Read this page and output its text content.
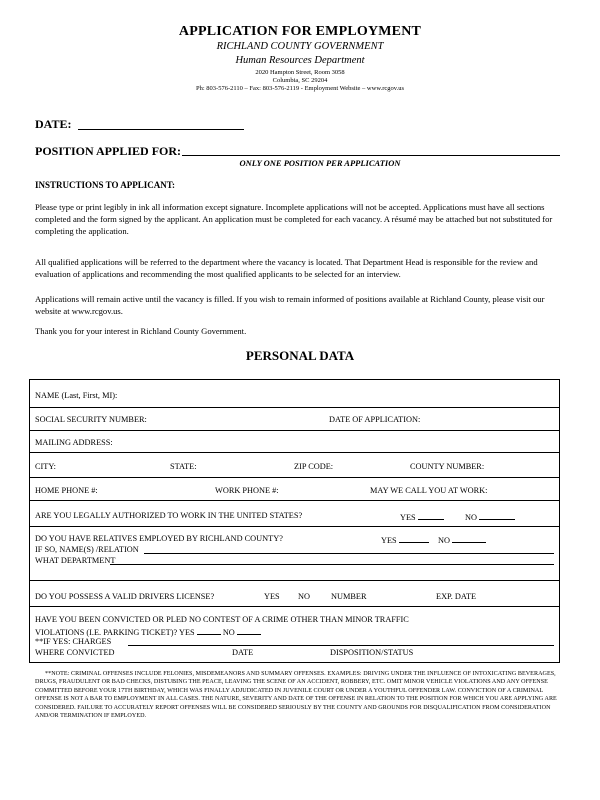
APPLICATION FOR EMPLOYMENT
RICHLAND COUNTY GOVERNMENT
Human Resources Department
2020 Hampton Street, Room 3058
Columbia, SC 29204
Ph: 803-576-2110 – Fax: 803-576-2119 - Employment Website – www.rcgov.us
DATE:
POSITION APPLIED FOR:
ONLY ONE POSITION PER APPLICATION
INSTRUCTIONS TO APPLICANT:
Please type or print legibly in ink all information except signature. Incomplete applications will not be accepted. Applications must have all sections completed and the form signed by the applicant. An application must be completed for each vacancy. A résumé may be attached but not substituted for completing the application.
All qualified applications will be referred to the department where the vacancy is located. That Department Head is responsible for the review and evaluation of applications and recommending the most qualified applicants to be selected for an interview.
Applications will remain active until the vacancy is filled. If you wish to remain informed of positions available at Richland County, please visit our website at www.rcgov.us.
Thank you for your interest in Richland County Government.
PERSONAL DATA
NAME (Last, First, MI):
SOCIAL SECURITY NUMBER:	DATE OF APPLICATION:
MAILING ADDRESS:
CITY:	STATE:	ZIP CODE:	COUNTY NUMBER:
HOME PHONE #:	WORK PHONE #:	MAY WE CALL YOU AT WORK:
ARE YOU LEGALLY AUTHORIZED TO WORK IN THE UNITED STATES?	YES	NO
DO YOU HAVE RELATIVES EMPLOYED BY RICHLAND COUNTY?	YES	NO
IF SO, NAME(S) /RELATION
WHAT DEPARTMENT
DO YOU POSSESS A VALID DRIVERS LICENSE?	YES NO	NUMBER	EXP. DATE
HAVE YOU BEEN CONVICTED OR PLED NO CONTEST OF A CRIME OTHER THAN MINOR TRAFFIC
VIOLATIONS (I.E. PARKING TICKET)? YES	NO
**IF YES: CHARGES
WHERE CONVICTED	DATE	DISPOSITION/STATUS
**NOTE: CRIMINAL OFFENSES INCLUDE FELONIES, MISDEMEANORS AND SUMMARY OFFENSES. EXAMPLES: DRIVING UNDER THE INFLUENCE OF INTOXICATING BEVERAGES, DRUGS, FRAUDULENT OR BAD CHECKS, DISTUBING THE PEACE, LEAVING THE SCENE OF AN ACCIDENT, ROBBERY, ETC. OMIT MINOR VEHICLE VIOLATIONS AND ANY OFFENSE COMMITTED BEFORE YOUR 17TH BIRTHDAY, WHICH WAS FINALLY ADJUDICATED IN JUVENILE COURT OR UNDER A YOUTHFUL OFFENDER LAW. CONVICTION OF A CRIMINAL OFFENSE IS NOT A BAR TO EMPLOYMENT IN ALL CASES. THE NATURE, SEVERITY AND DATE OF THE OFFENSE IN RELATION TO THE POSITION FOR WHICH YOU ARE APPLYING ARE CONSIDERED. FAILURE TO ACCURATELY REPORT OFFENSES WILL BE CONSIDERED SERIOUSLY BY THE COUNTY AND GROUNDS FOR DISQUALIFICATION FROM CONSIDERATION AND/OR TERMINATION IF EMPLOYED.
